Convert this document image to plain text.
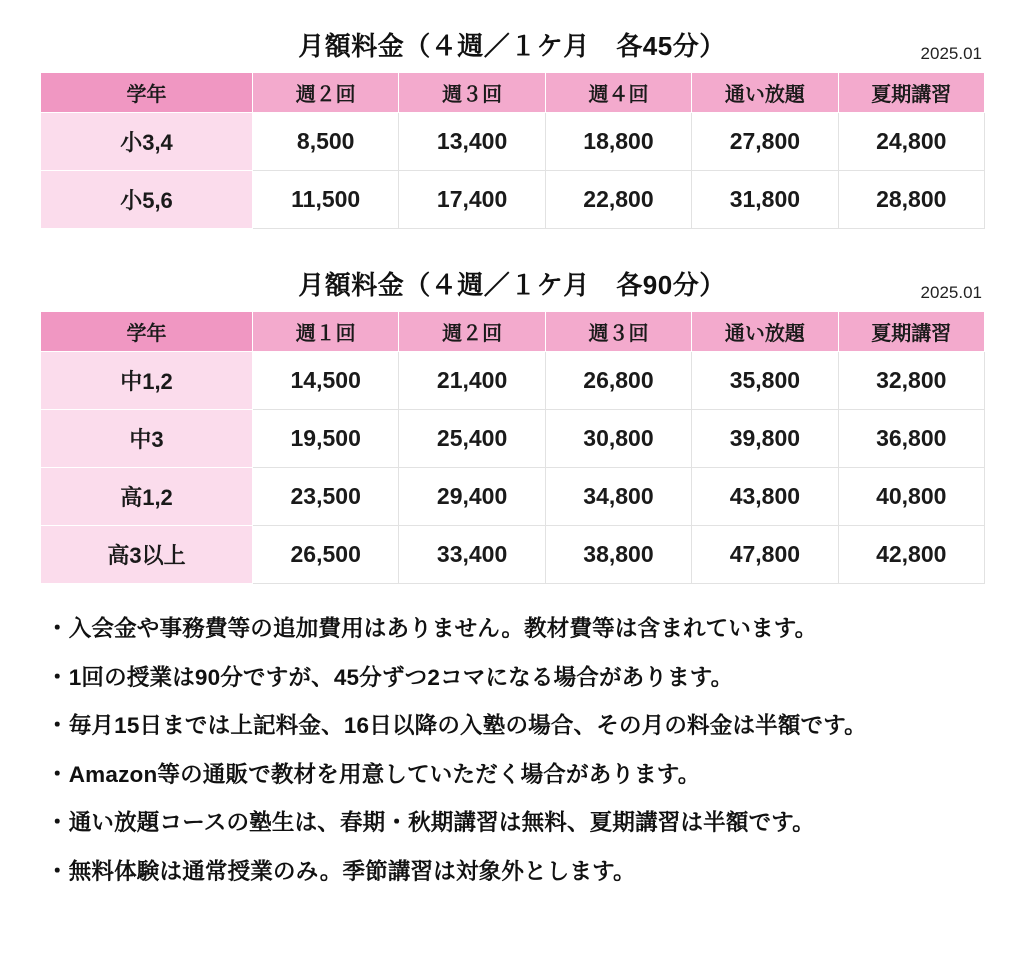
月額料金（４週／１ケ月　各45分）	2025.01
学年	週２回	週３回	週４回	通い放題	夏期講習
小3,4	8,500	13,400	18,800	27,800	24,800
小5,6	11,500	17,400	22,800	31,800	28,800
月額料金（４週／１ケ月　各90分）	2025.01
学年	週１回	週２回	週３回	通い放題	夏期講習
中1,2	14,500	21,400	26,800	35,800	32,800
中3	19,500	25,400	30,800	39,800	36,800
高1,2	23,500	29,400	34,800	43,800	40,800
高3以上	26,500	33,400	38,800	47,800	42,800
・入会金や事務費等の追加費用はありません。教材費等は含まれています。
・1回の授業は90分ですが、45分ずつ2コマになる場合があります。
・毎月15日までは上記料金、16日以降の入塾の場合、その月の料金は半額です。
・Amazon等の通販で教材を用意していただく場合があります。
・通い放題コースの塾生は、春期・秋期講習は無料、夏期講習は半額です。
・無料体験は通常授業のみ。季節講習は対象外とします。
